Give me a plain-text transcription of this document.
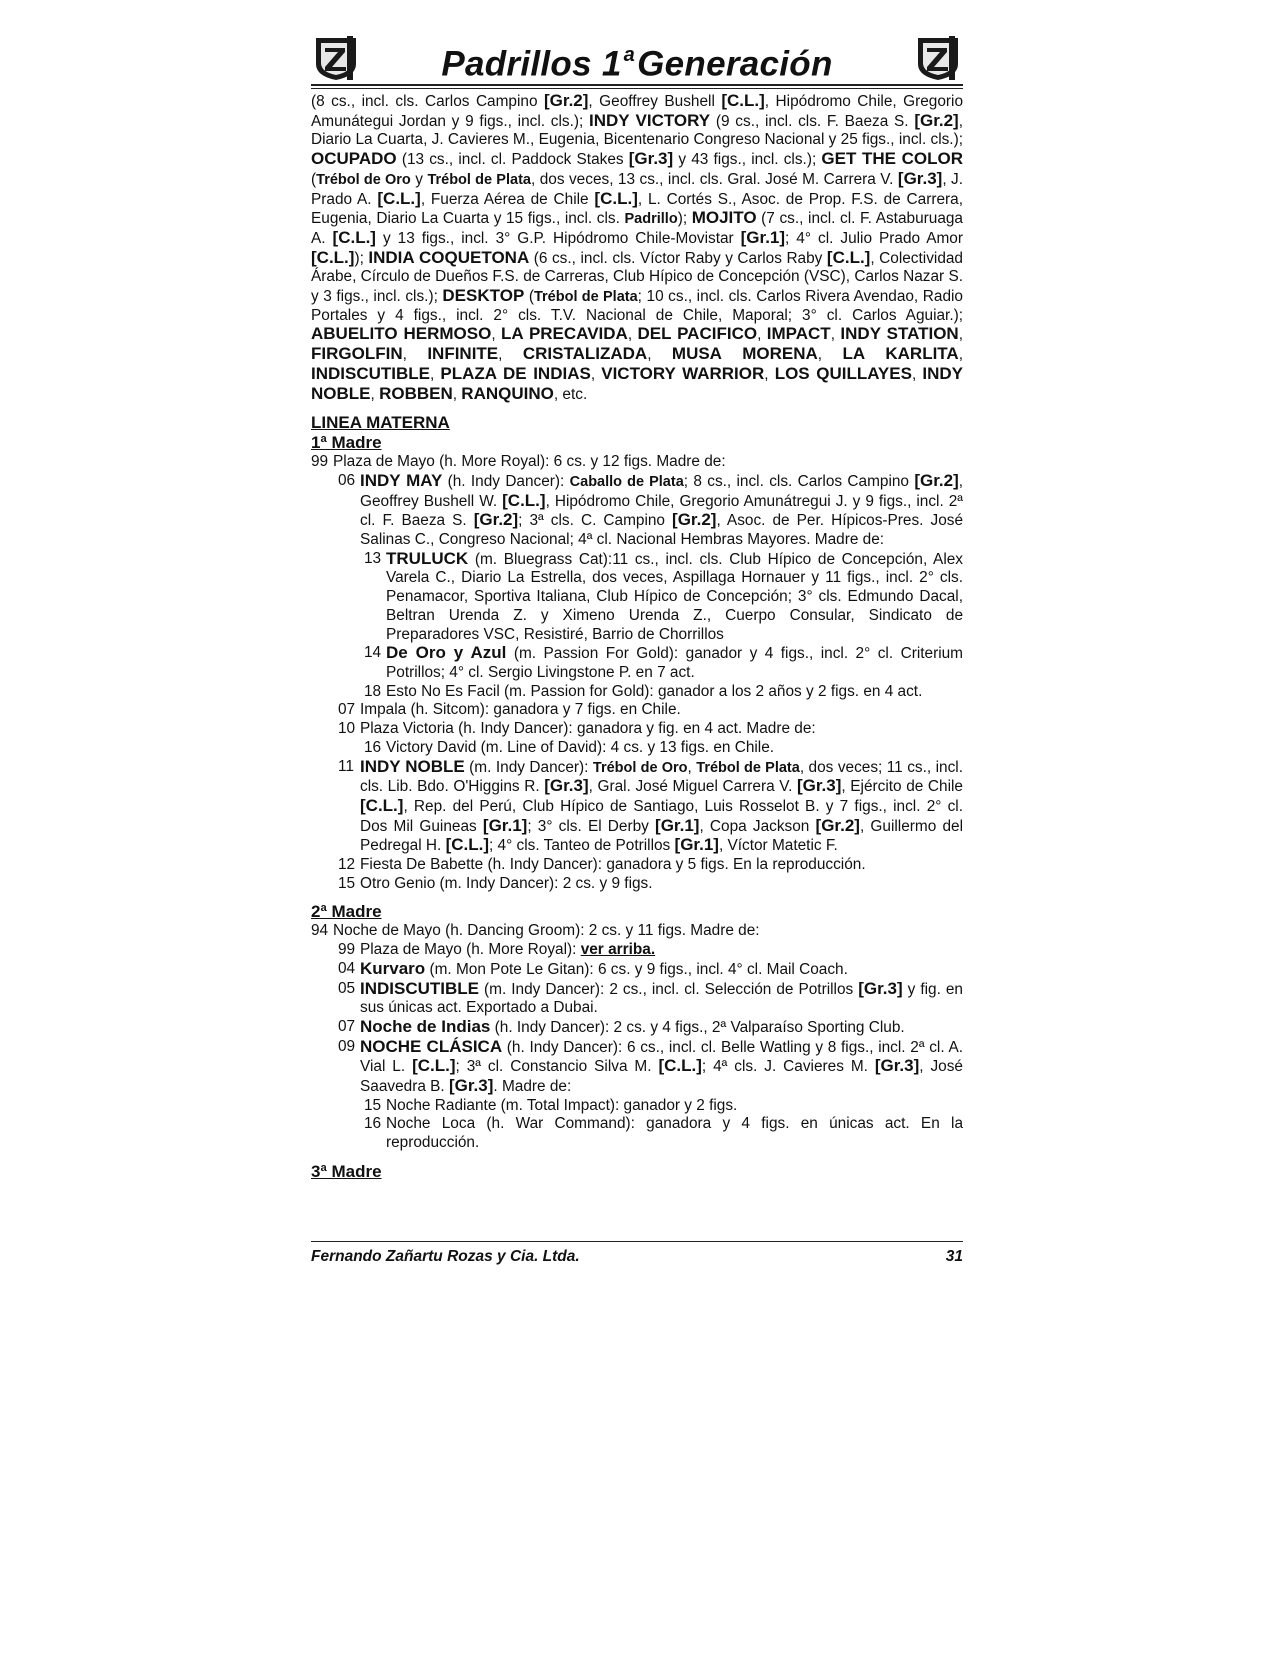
Padrillos 1 $^a$Generación

(8 cs., incl. cls. Carlos Campino [Gr.2], Geoffrey Bushell [C.L.], Hipódromo Chile, Gregorio Amunátegui Jordan y 9 figs., incl. cls.); INDY VICTORY (9 cs., incl. cls. F. Baeza S. [Gr.2], Diario La Cuarta, J. Cavieres M., Eugenia, Bicentenario Congreso Nacional y 25 figs., incl. cls.); OCUPADO (13 cs., incl. cl. Paddock Stakes [Gr.3] y 43 figs., incl. cls.); GET THE COLOR (Trébol de Oro y Trébol de Plata, dos veces, 13 cs., incl. cls. Gral. José M. Carrera V. [Gr.3], J. Prado A. [C.L.], Fuerza Aérea de Chile [C.L.], L. Cortés S., Asoc. de Prop. F.S. de Carrera, Eugenia, Diario La Cuarta y 15 figs., incl. cls. Padrillo); MOJITO (7 cs., incl. cl. F. Astaburuaga A. [C.L.] y 13 figs., incl. 3° G.P. Hipódromo Chile-Movistar [Gr.1]; 4° cl. Julio Prado Amor [C.L.]); INDIA COQUETONA (6 cs., incl. cls. Víctor Raby y Carlos Raby [C.L.], Colectividad Árabe, Círculo de Dueños F.S. de Carreras, Club Hípico de Concepción (VSC), Carlos Nazar S. y 3 figs., incl. cls.); DESKTOP (Trébol de Plata; 10 cs., incl. cls. Carlos Rivera Avendao, Radio Portales y 4 figs., incl. 2° cls. T.V. Nacional de Chile, Maporal; 3° cl. Carlos Aguiar.); ABUELITO HERMOSO, LA PRECAVIDA, DEL PACIFICO, IMPACT, INDY STATION, FIRGOLFIN, INFINITE, CRISTALIZADA, MUSA MORENA, LA KARLITA, INDISCUTIBLE, PLAZA DE INDIAS, VICTORY WARRIOR, LOS QUILLAYES, INDY NOBLE, ROBBEN, RANQUINO, etc.

LINEA MATERNA

1ª Madre

99 Plaza de Mayo (h. More Royal): 6 cs. y 12 figs. Madre de:
06 INDY MAY (h. Indy Dancer): Caballo de Plata; 8 cs., incl. cls. Carlos Campino [Gr.2], Geoffrey Bushell W. [C.L.], Hipódromo Chile, Gregorio Amunátregui J. y 9 figs., incl. 2ª cl. F. Baeza S. [Gr.2]; 3ª cls. C. Campino [Gr.2], Asoc. de Per. Hípicos-Pres. José Salinas C., Congreso Nacional; 4ª cl. Nacional Hembras Mayores. Madre de:
13 TRULUCK (m. Bluegrass Cat):11 cs., incl. cls. Club Hípico de Concepción, Alex Varela C., Diario La Estrella, dos veces, Aspillaga Hornauer y 11 figs., incl. 2° cls. Penamacor, Sportiva Italiana, Club Hípico de Concepción; 3° cls. Edmundo Dacal, Beltran Urenda Z. y Ximeno Urenda Z., Cuerpo Consular, Sindicato de Preparadores VSC, Resistiré, Barrio de Chorrillos
14 De Oro y Azul (m. Passion For Gold): ganador y 4 figs., incl. 2° cl. Criterium Potrillos; 4° cl. Sergio Livingstone P. en 7 act.
18 Esto No Es Facil (m. Passion for Gold): ganador a los 2 años y 2 figs. en 4 act.
07 Impala (h. Sitcom): ganadora y 7 figs. en Chile.
10 Plaza Victoria (h. Indy Dancer): ganadora y fig. en 4 act. Madre de:
16 Victory David (m. Line of David): 4 cs. y 13 figs. en Chile.
11 INDY NOBLE (m. Indy Dancer): Trébol de Oro, Trébol de Plata, dos veces; 11 cs., incl. cls. Lib. Bdo. O'Higgins R. [Gr.3], Gral. José Miguel Carrera V. [Gr.3], Ejército de Chile [C.L.], Rep. del Perú, Club Hípico de Santiago, Luis Rosselot B. y 7 figs., incl. 2° cl. Dos Mil Guineas [Gr.1]; 3° cls. El Derby [Gr.1], Copa Jackson [Gr.2], Guillermo del Pedregal H. [C.L.]; 4° cls. Tanteo de Potrillos [Gr.1], Víctor Matetic F.
12 Fiesta De Babette (h. Indy Dancer): ganadora y 5 figs. En la reproducción.
15 Otro Genio (m. Indy Dancer): 2 cs. y 9 figs.

2ª Madre

94 Noche de Mayo (h. Dancing Groom): 2 cs. y 11 figs. Madre de:
99 Plaza de Mayo (h. More Royal): ver arriba.
04 Kurvaro (m. Mon Pote Le Gitan): 6 cs. y 9 figs., incl. 4° cl. Mail Coach.
05 INDISCUTIBLE (m. Indy Dancer): 2 cs., incl. cl. Selección de Potrillos [Gr.3] y fig. en sus únicas act. Exportado a Dubai.
07 Noche de Indias (h. Indy Dancer): 2 cs. y 4 figs., 2ª Valparaíso Sporting Club.
09 NOCHE CLÁSICA (h. Indy Dancer): 6 cs., incl. cl. Belle Watling y 8 figs., incl. 2ª cl. A. Vial L. [C.L.]; 3ª cl. Constancio Silva M. [C.L.]; 4ª cls. J. Cavieres M. [Gr.3], José Saavedra B. [Gr.3]. Madre de:
15 Noche Radiante (m. Total Impact): ganador y 2 figs.
16 Noche Loca (h. War Command): ganadora y 4 figs. en únicas act. En la reproducción.

3ª Madre

Fernando Zañartu Rozas y Cia. Ltda.	31
